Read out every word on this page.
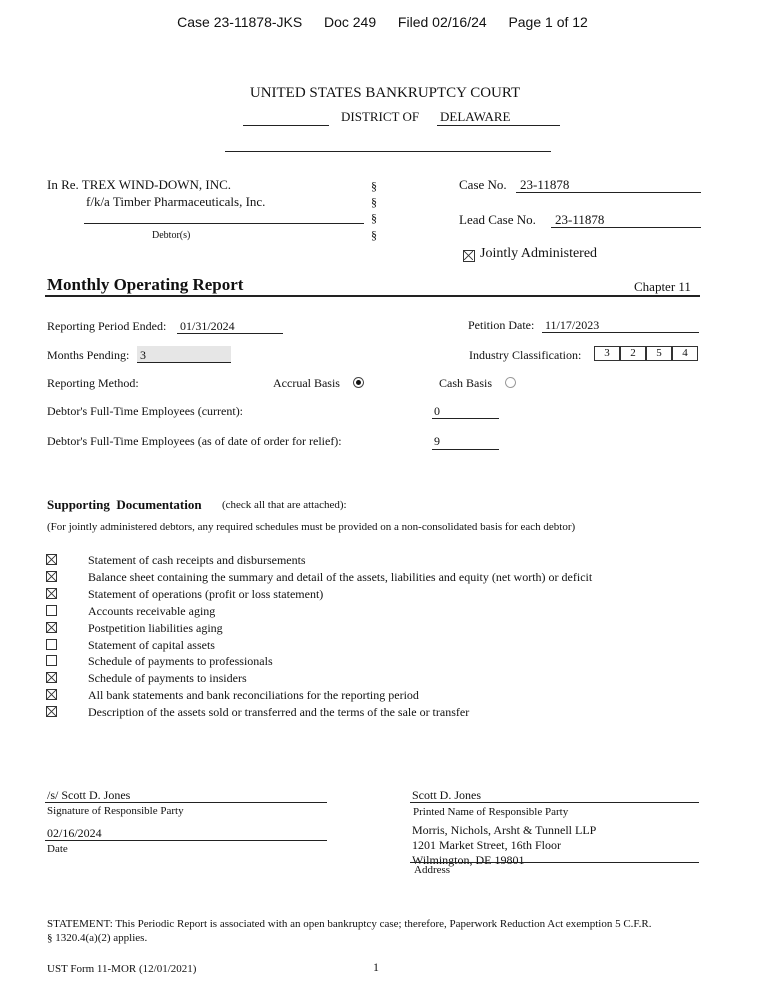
Case 23-11878-JKS Doc 249 Filed 02/16/24 Page 1 of 12
UNITED STATES BANKRUPTCY COURT
DISTRICT OF DELAWARE
In Re. TREX WIND-DOWN, INC.
f/k/a Timber Pharmaceuticals, Inc.
Debtor(s)
§
§
§
§
Case No. 23-11878
Lead Case No. 23-11878
Jointly Administered
Monthly Operating Report	Chapter 11
Reporting Period Ended: 01/31/2024	Petition Date: 11/17/2023
Months Pending: 3	Industry Classification:	3	2	5	4
Reporting Method:	Accrual Basis	Cash Basis
Debtor's Full-Time Employees (current):	0
Debtor's Full-Time Employees (as of date of order for relief):	9
Supporting  Documentation (check all that are attached):
(For jointly administered debtors, any required schedules must be provided on a non-consolidated basis for each debtor)
Statement of cash receipts and disbursements
Balance sheet containing the summary and detail of the assets, liabilities and equity (net worth) or deficit
Statement of operations (profit or loss statement)
Accounts receivable aging
Postpetition liabilities aging
Statement of capital assets
Schedule of payments to professionals
Schedule of payments to insiders
All bank statements and bank reconciliations for the reporting period
Description of the assets sold or transferred and the terms of the sale or transfer
/s/ Scott D. Jones
Signature of Responsible Party
02/16/2024
Date
Scott D. Jones
Printed Name of Responsible Party
Morris, Nichols, Arsht & Tunnell LLP
1201 Market Street, 16th Floor
Wilmington, DE 19801
Address
STATEMENT: This Periodic Report is associated with an open bankruptcy case; therefore, Paperwork Reduction Act exemption 5 C.F.R.
§ 1320.4(a)(2) applies.
UST Form 11-MOR (12/01/2021)	1
